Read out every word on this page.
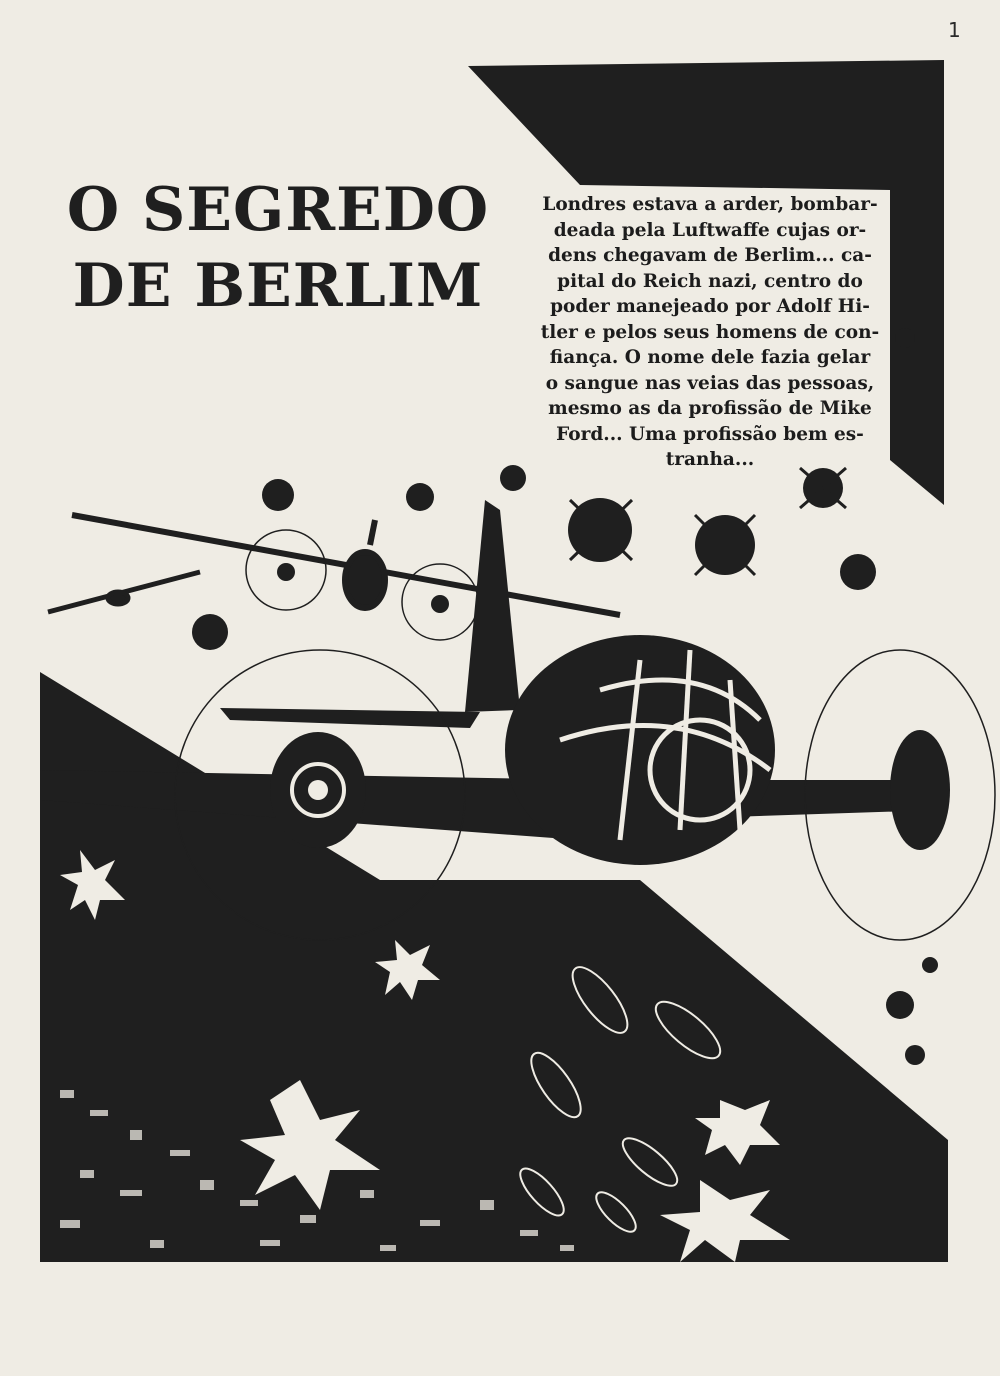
1
O SEGREDO
DE BERLIM
Londres estava a arder, bombar-
deada pela Luftwaffe cujas or-
dens chegavam de Berlim... ca-
pital do Reich nazi, centro do
poder manejeado por Adolf Hi-
tler e pelos seus homens de con-
fiança. O nome dele fazia gelar
o sangue nas veias das pessoas,
mesmo as da profissão de Mike
Ford... Uma profissão bem es-
tranha...
